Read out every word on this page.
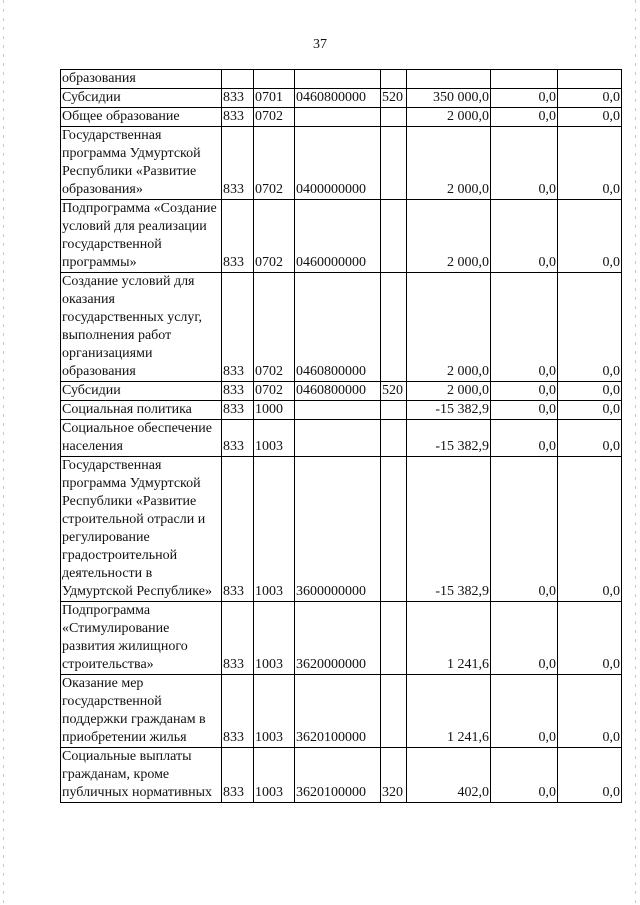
37
образования							
Субсидии	833	0701	0460800000	520	350 000,0	0,0	0,0
Общее образование	833	0702			2 000,0	0,0	0,0
Государственная программа Удмуртской Республики «Развитие образования»	833	0702	0400000000		2 000,0	0,0	0,0
Подпрограмма «Создание условий для реализации государственной программы»	833	0702	0460000000		2 000,0	0,0	0,0
Создание условий для оказания государственных услуг, выполнения работ организациями образования	833	0702	0460800000		2 000,0	0,0	0,0
Субсидии	833	0702	0460800000	520	2 000,0	0,0	0,0
Социальная политика	833	1000			-15 382,9	0,0	0,0
Социальное обеспечение населения	833	1003			-15 382,9	0,0	0,0
Государственная программа Удмуртской Республики «Развитие строительной отрасли и регулирование градостроительной деятельности в Удмуртской Республике»	833	1003	3600000000		-15 382,9	0,0	0,0
Подпрограмма «Стимулирование развития жилищного строительства»	833	1003	3620000000		1 241,6	0,0	0,0
Оказание мер государственной поддержки гражданам в приобретении жилья	833	1003	3620100000		1 241,6	0,0	0,0
Социальные выплаты гражданам, кроме публичных нормативных	833	1003	3620100000	320	402,0	0,0	0,0
